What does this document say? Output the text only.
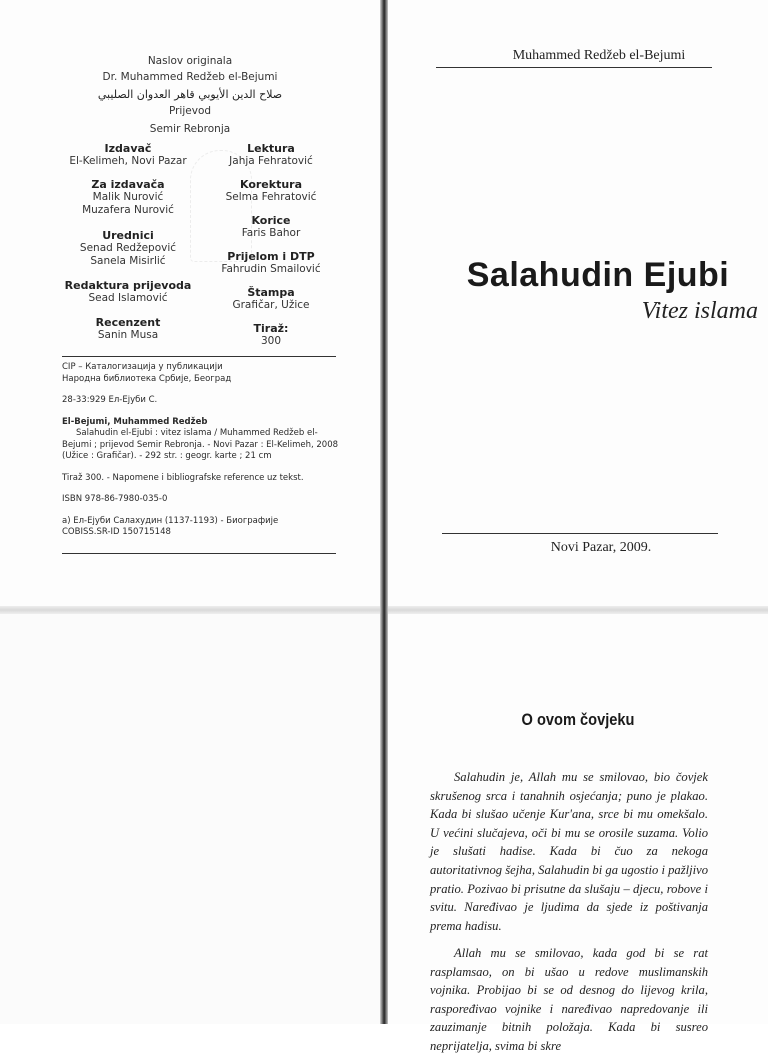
Naslov originala
Dr. Muhammed Redžeb el-Bejumi
صلاح الدين الأيوبي قاهر العدوان الصليبي
Prijevod
Semir Rebronja
Izdavač
El-Kelimeh, Novi Pazar
Za izdavača
Malik Nurović
Muzafera Nurović
Urednici
Senad Redžepović
Sanela Misirlić
Redaktura prijevoda
Sead Islamović
Recenzent
Sanin Musa
Lektura
Jahja Fehratović
Korektura
Selma Fehratović
Korice
Faris Bahor
Prijelom i DTP
Fahrudin Smailović
Štampa
Grafičar, Užice
Tiraž:
300
CIP – Каталогизација у публикацији
Народна библиотека Србије, Београд
28-33:929 Ел-Ејуби С.
El-Bejumi, Muhammed Redžeb
Salahudin el-Ejubi : vitez islama / Muhammed Redžeb el-
Bejumi ; prijevod Semir Rebronja. - Novi Pazar : El-Kelimeh, 2008
(Užice : Grafičar). - 292 str. : geogr. karte ; 21 cm
Tiraž 300. - Napomene i bibliografske reference uz tekst.
ISBN 978-86-7980-035-0
a) Ел-Ејуби Салахудин (1137-1193) - Биографије
COBISS.SR-ID 150715148
Muhammed Redžeb el-Bejumi
Salahudin Ejubi
Vitez islama
Novi Pazar, 2009.
O ovom čovjeku
Salahudin je, Allah mu se smilovao, bio čovjek skrušenog srca i tanahnih osjećanja; puno je plakao. Kada bi slušao učenje Kur'ana, srce bi mu omekšalo. U većini slučajeva, oči bi mu se orosile suzama. Volio je slušati hadise. Kada bi čuo za nekoga autoritativnog šejha, Salahudin bi ga ugostio i pažljivo pratio. Pozivao bi prisutne da slušaju – djecu, robove i svitu. Naređivao je ljudima da sjede iz poštivanja prema hadisu.
Allah mu se smilovao, kada god bi se rat rasplamsao, on bi ušao u redove muslimanskih vojnika. Probijao bi se od desnog do lijevog krila, raspoređivao vojnike i naređivao napredovanje ili zauzimanje bitnih položaja. Kada bi susreo neprijatelja, svima bi skre
